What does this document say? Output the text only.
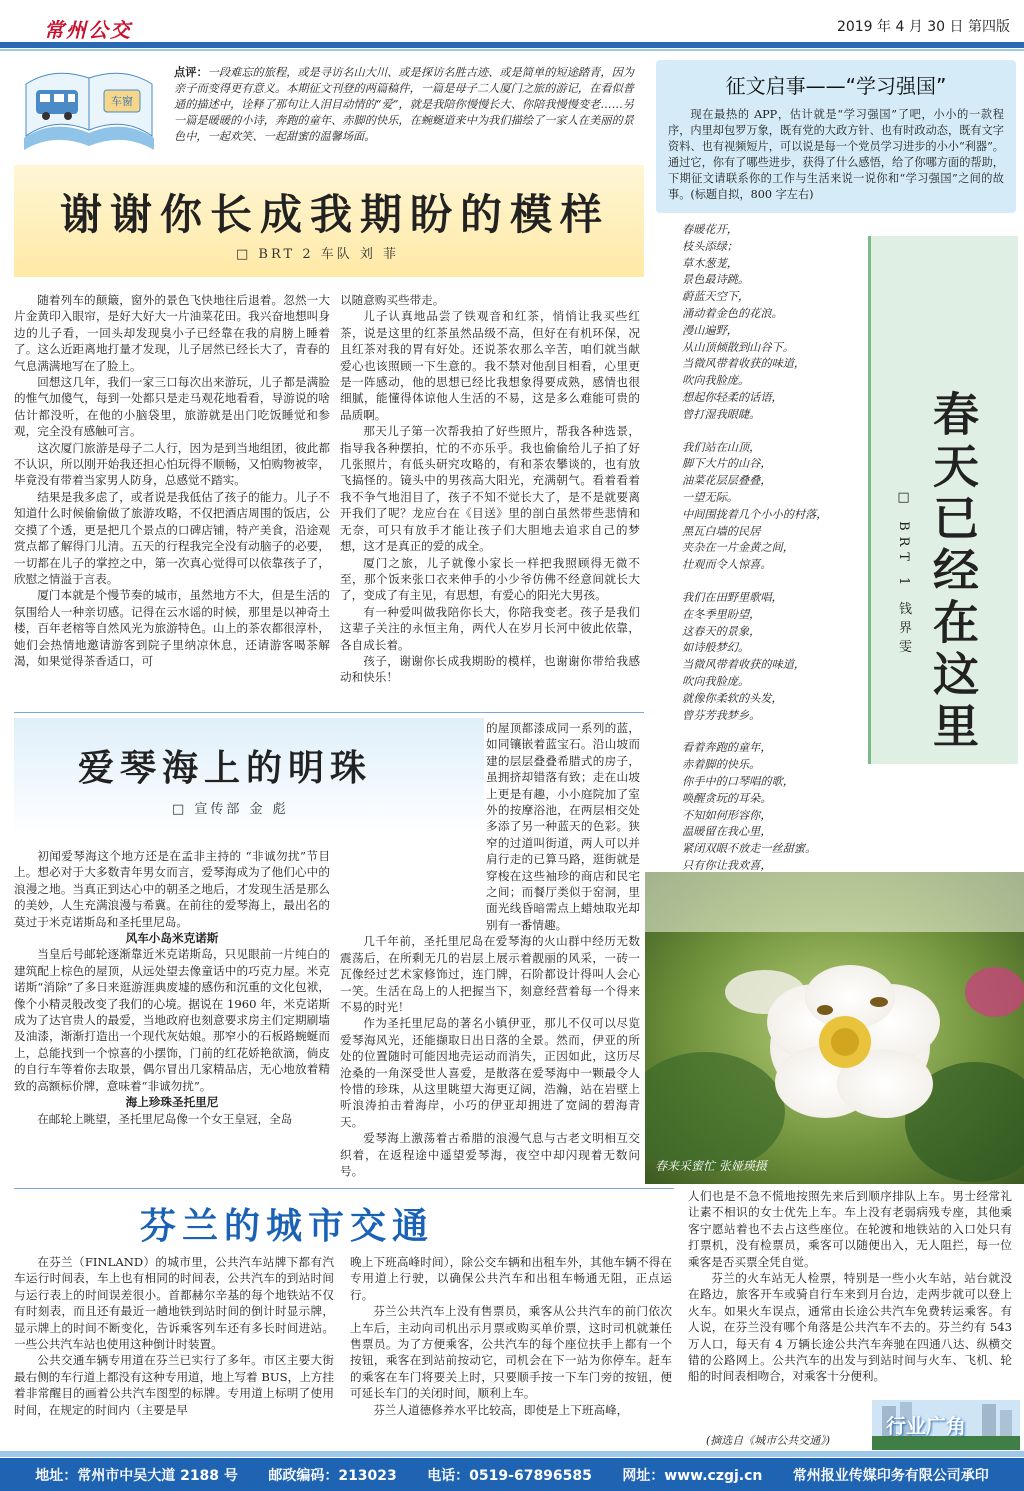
常州公交	2019 年 4 月 30 日 第四版
车窗
点评：一段难忘的旅程，或是寻访名山大川、或是探访名胜古迹、或是简单的短途踏青，因为亲子而变得更有意义。本期征文刊登的两篇稿件，一篇是母子二人厦门之旅的游记，在看似普通的描述中，诠释了那句让人泪目动情的“爱”，就是我陪你慢慢长大、你陪我慢慢变老……另一篇是暖暖的小诗，奔跑的童年、赤脚的快乐，在蜿蜒道来中为我们描绘了一家人在美丽的景色中，一起欢笑、一起甜蜜的温馨场面。
谢谢你长成我期盼的模样
□ BRT 2 车队 刘 菲

随着列车的颠簸，窗外的景色飞快地往后退着。忽然一大片金黄印入眼帘，是好大好大一片油菜花田。我兴奋地想叫身边的儿子看，一回头却发现臭小子已经靠在我的肩膀上睡着了。这么近距离地打量才发现，儿子居然已经长大了，青春的气息满满地写在了脸上。

回想这几年，我们一家三口每次出来游玩，儿子都是满脸的惟气加傻气，每到一处都只是走马观花地看看，导游说的啥估计都没听，在他的小脑袋里，旅游就是出门吃饭睡觉和参观，完全没有感触可言。

这次厦门旅游是母子二人行，因为是到当地组团，彼此都不认识，所以刚开始我还担心怕玩得不顺畅，又怕购物被宰，毕竟没有带着当家男人防身，总感觉不踏实。

结果是我多虑了，或者说是我低估了孩子的能力。儿子不知道什么时候偷偷做了旅游攻略，不仅把酒店周围的饭店，公交摸了个透，更是把几个景点的口碑店铺，特产美食，沿途观赏点都了解得门儿清。五天的行程我完全没有动脑子的必要，一切都在儿子的掌控之中，第一次真心觉得可以依靠孩子了，欣慰之情溢于言表。

厦门本就是个慢节奏的城市，虽然地方不大，但是生活的氛围给人一种亲切感。记得在云水谣的时候，那里是以神奇土楼，百年老榕等自然风光为旅游特色。山上的茶农都很淳朴，她们会热情地邀请游客到院子里纳凉休息，还请游客喝茶解渴，如果觉得茶香适口，可

以随意购买些带走。

儿子认真地品尝了铁观音和红茶，悄悄让我买些红茶，说是这里的红茶虽然品级不高，但好在有机环保，况且红茶对我的胃有好处。还说茶农那么辛苦，咱们就当献爱心也该照顾一下生意的。我不禁对他刮目相看，心里更是一阵感动，他的思想已经比我想象得要成熟，感情也很细腻，能懂得体谅他人生活的不易，这是多么难能可贵的品质啊。

那天儿子第一次帮我拍了好些照片，帮我各种选景，指导我各种摆拍，忙的不亦乐乎。我也偷偷给儿子拍了好几张照片，有低头研究攻略的，有和茶农攀谈的，也有放飞搞怪的。镜头中的男孩高大阳光，充满朝气。看着看着我不争气地泪目了，孩子不知不觉长大了，是不是就要离开我们了呢？龙应台在《目送》里的剖白虽然带些悲情和无奈，可只有放手才能让孩子们大胆地去追求自己的梦想，这才是真正的爱的成全。

厦门之旅，儿子就像小家长一样把我照顾得无微不至，那个饭来张口衣来伸手的小少爷仿佛不经意间就长大了，变成了有主见，有思想，有爱心的阳光大男孩。

有一种爱叫做我陪你长大，你陪我变老。孩子是我们这辈子关注的永恒主角，两代人在岁月长河中彼此依靠，各自成长着。

孩子，谢谢你长成我期盼的模样，也谢谢你带给我感动和快乐！

征文启事——“学习强国”

现在最热的 APP，估计就是“学习强国”了吧，小小的一款程序，内里却包罗万象，既有党的大政方针、也有时政动态，既有文字资料、也有视频短片，可以说是每一个党员学习进步的小小“利器”。通过它，你有了哪些进步，获得了什么感悟，给了你哪方面的帮助，下期征文请联系你的工作与生活来说一说你和“学习强国”之间的故事。(标题自拟，800 字左右)

春天已经在这里
□ BRT 1 钱界雯
春暖花开，
枝头添绿；
草木葱茏，
景色最诗跳。
蔚蓝天空下，
涌动着金色的花浪。
漫山遍野，
从山顶倾散到山谷下。
当微风带着收获的味道，
吹向我脸庞。
想起你轻柔的话语，
曾打湿我眼睫。
我们站在山顶，
脚下大片的山谷，
油菜花层层叠叠，
一望无际。
中间围拢着几个小小的村落，
黑瓦白墙的民居
夹杂在一片金黄之间，
壮观而令人惊喜。
我们在田野里歌唱，
在冬季里盼望，
这春天的景象，
如诗般梦幻。
当微风带着收获的味道，
吹向我脸庞。
就像你柔软的头发，
曾芬芳我梦乡。
看着奔跑的童年，
赤着脚的快乐。
你手中的口琴唱的歌，
唤醒贪玩的耳朵。
不知如何形容你，
温暖留在我心里，
紧闭双眼不放走一丝甜蜜。
只有你让我欢喜，
爱琴海上的明珠
□ 宣传部 金 彪

初闻爱琴海这个地方还是在孟非主持的 “非诚勿扰”节目上。想必对于大多数青年男女而言，爱琴海成为了他们心中的浪漫之地。当真正到达心中的朝圣之地后，才发现生活是那么的美妙，人生充满浪漫与希冀。在前往的爱琴海上，最出名的莫过于米克诺斯岛和圣托里尼岛。

风车小岛米克诺斯

当皇后号邮轮逐渐靠近米克诺斯岛，只见眼前一片纯白的建筑配上棕色的屋顶，从远处望去像童话中的巧克力屋。米克诺斯“消除”了多日来逛游涯典废墟的感伤和沉重的文化包袱，像个小精灵般改变了我们的心境。据说在 1960 年，米克诺斯成为了达官贵人的最爱，当地政府也刻意要求房主们定期刷墙及油漆，渐渐打造出一个现代灰姑娘。那窄小的石板路蜿蜒而上，总能找到一个惊喜的小摆饰，门前的红花娇艳欲滴，倘皮的自行车等着你去取景，偶尔冒出几家精品店，无心地放着精致的高额标价牌，意味着“非诚勿扰”。

海上珍珠圣托里尼

在邮轮上眺望，圣托里尼岛像一个女王皇冠，全岛

的屋顶都漆成同一系列的蓝，如同镶嵌着蓝宝石。沿山坡而建的层层叠叠希腊式的房子，虽拥挤却错落有致；走在山坡上更是有趣，小小庭院加了室外的按摩浴池，在两层相交处多添了另一种蓝天的色彩。狭窄的过道叫街道，两人可以并肩行走的已算马路，逛街就是穿梭在这些袖珍的商店和民宅之间；而餐厅类似于窑洞，里面光线昏暗需点上蜡烛取光却别有一番情趣。

几千年前，圣托里尼岛在爱琴海的火山群中经历无数震荡后，在所剩无几的岩层上展示着靓丽的风采，一砖一瓦像经过艺术家修饰过，连门牌，石阶都设计得叫人会心一笑。生活在岛上的人把握当下，刻意经营着每一个得来不易的时光！

作为圣托里尼岛的著名小镇伊亚，那儿不仅可以尽览爱琴海风光，还能撷取日出日落的全景。然而，伊亚的所处的位置随时可能因地壳运动而消失，正因如此，这历尽沧桑的一角深受世人喜爱，是散落在爱琴海中一颗最令人怜惜的珍珠，从这里眺望大海更辽阔，浩瀚，站在岩壁上听浪涛拍击着海岸，小巧的伊亚却拥进了宽阔的碧海青天。

爱琴海上激荡着古希腊的浪漫气息与古老文明相互交织着，在返程途中遥望爱琴海，夜空中却闪现着无数问号。	春来采蜜忙 张娅瑛摄
芬兰的城市交通

在芬兰（FINLAND）的城市里，公共汽车站牌下都有汽车运行时间表，车上也有相同的时间表，公共汽车的到站时间与运行表上的时间误差很小。首都赫尔辛基的每个地铁站不仅有时刻表，而且还有最近一趟地铁到站时间的倒计时显示牌，显示牌上的时间不断变化，告诉乘客列车还有多长时间进站。一些公共汽车站也使用这种倒计时装置。

公共交通车辆专用道在芬兰已实行了多年。市区主要大街最右侧的车行道上都没有这种专用道，地上写着 BUS，上方挂着非常醒目的画着公共汽车图型的标牌。专用道上标明了使用时间，在规定的时间内（主要是早

晚上下班高峰时间），除公交车辆和出租车外，其他车辆不得在专用道上行驶，以确保公共汽车和出租车畅通无阻，正点运行。

芬兰公共汽车上没有售票员，乘客从公共汽车的前门依次上车后，主动向司机出示月票或购买单价票，这时司机就兼任售票员。为了方便乘客，公共汽车的每个座位扶手上都有一个按钮，乘客在到站前按动它，司机会在下一站为你停车。赶车的乘客在车门将要关上时，只要顺手按一下车门旁的按钮，便可延长车门的关闭时间，顺利上车。

芬兰人道德修养水平比较高，即使是上下班高峰，

人们也是不急不慌地按照先来后到顺序排队上车。男士经常礼让素不相识的女士优先上车。车上没有老弱病残专座，其他乘客宁愿站着也不去占这些座位。在轮渡和地铁站的入口处只有打票机，没有检票员，乘客可以随便出入，无人阻拦，每一位乘客是否买票全凭自觉。

芬兰的火车站无人检票，特别是一些小火车站，站台就没在路边，旅客开车或骑自行车来到月台边，走两步就可以登上火车。如果火车误点，通常由长途公共汽车免费转运乘客。有人说，在芬兰没有哪个角落是公共汽车不去的。芬兰约有 543 万人口，每天有 4 万辆长途公共汽车奔驰在四通八达、纵横交错的公路网上。公共汽车的出发与到站时间与火车、飞机、轮船的时间表相吻合，对乘客十分便利。

(摘选自《城市公共交通》)
行业广角
地址：常州市中吴大道 2188 号 邮政编码：213023 电话：0519-67896585 网址：www.czgj.cn 常州报业传媒印务有限公司承印
